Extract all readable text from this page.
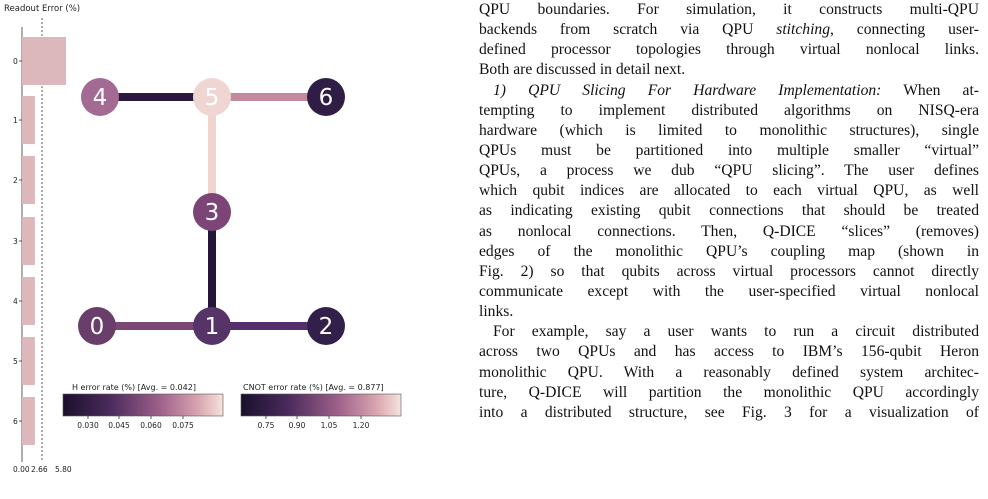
Readout Error (%)
0
1
2
3
4
5
6
0.00 2.66 5.80
4	5	6
3
0	1	2
H error rate (%) [Avg. = 0.042]
0.030 0.045 0.060 0.075
CNOT error rate (%) [Avg. = 0.877]
0.75 0.90 1.05 1.20
QPU boundaries. For simulation, it constructs multi-QPU
backends from scratch via QPU stitching, connecting user-
defined processor topologies through virtual nonlocal links.
Both are discussed in detail next.
1) QPU Slicing For Hardware Implementation: When at-
tempting to implement distributed algorithms on NISQ-era
hardware (which is limited to monolithic structures), single
QPUs must be partitioned into multiple smaller “virtual”
QPUs, a process we dub “QPU slicing”. The user defines
which qubit indices are allocated to each virtual QPU, as well
as indicating existing qubit connections that should be treated
as nonlocal connections. Then, Q-DICE “slices” (removes)
edges of the monolithic QPU’s coupling map (shown in
Fig. 2) so that qubits across virtual processors cannot directly
communicate except with the user-specified virtual nonlocal
links.
For example, say a user wants to run a circuit distributed
across two QPUs and has access to IBM’s 156-qubit Heron
monolithic QPU. With a reasonably defined system architec-
ture, Q-DICE will partition the monolithic QPU accordingly
into a distributed structure, see Fig. 3 for a visualization of
